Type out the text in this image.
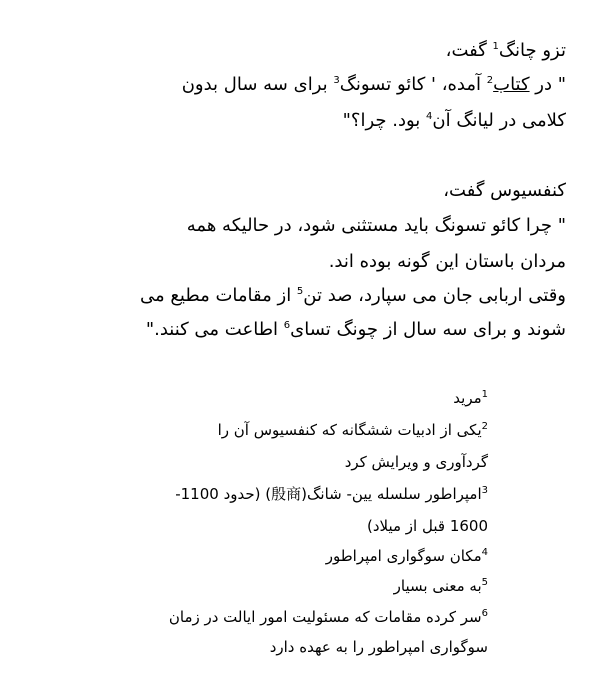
تزو چانگ$^1$ گفت،
" در کتاب$^2$ آمده، ' کائو تسونگ$^3$ برای سه سال بدون
کلامی در لیانگ آن$^4$ بود. چرا؟"
کنفسیوس گفت،
" چرا کائو تسونگ باید مستثنی شود، در حالیکه همه
مردان باستان این گونه بوده اند.
وقتی اربابی جان می سپارد، صد تن$^5$ از مقامات مطیع می
شوند و برای سه سال از چونگ تسای$^6$ اطاعت می کنند."
$^1$مرید
$^2$یکی از ادبیات ششگانه که کنفسیوس آن را
گردآوری و ویرایش کرد
$^3$امپراطور سلسله یین- شانگ(殷商) (حدود 1100-
1600 قبل از میلاد)
$^4$مکان سوگواری امپراطور
$^5$به معنی بسیار
$^6$سر کرده مقامات که مسئولیت امور ایالت در زمان
سوگواری امپراطور را به عهده دارد
